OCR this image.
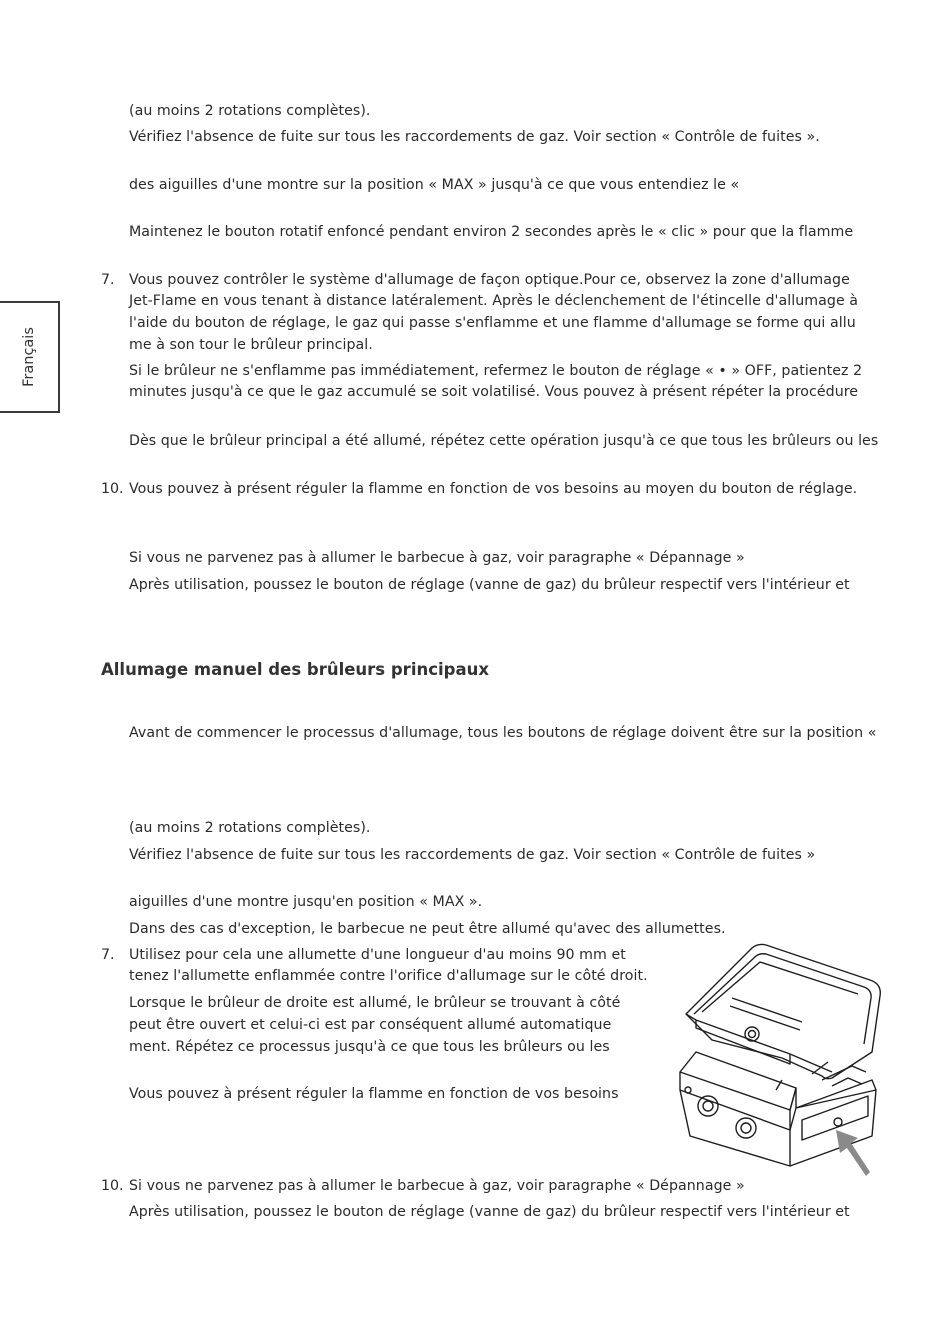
Français
(au moins 2 rotations complètes).
Vérifiez l'absence de fuite sur tous les raccordements de gaz. Voir section « Contrôle de fuites ».
des aiguilles d'une montre sur la position « MAX » jusqu'à ce que vous entendiez le «
Maintenez le bouton rotatif enfoncé pendant environ 2 secondes après le « clic » pour que la flamme
7. Vous pouvez contrôler le système d'allumage de façon optique.Pour ce, observez la zone d'allumage
Jet-Flame en vous tenant à distance latéralement. Après le déclenchement de l'étincelle d'allumage à
l'aide du bouton de réglage, le gaz qui passe s'enflamme et une flamme d'allumage se forme qui allu
me à son tour le brûleur principal.
Si le brûleur ne s'enflamme pas immédiatement, refermez le bouton de réglage « • » OFF, patientez 2
minutes jusqu'à ce que le gaz accumulé se soit volatilisé. Vous pouvez à présent répéter la procédure
Dès que le brûleur principal a été allumé, répétez cette opération jusqu'à ce que tous les brûleurs ou les
10. Vous pouvez à présent réguler la flamme en fonction de vos besoins au moyen du bouton de réglage.
Si vous ne parvenez pas à allumer le barbecue à gaz, voir paragraphe « Dépannage »
Après utilisation, poussez le bouton de réglage (vanne de gaz) du brûleur respectif vers l'intérieur et
Allumage manuel des brûleurs principaux
Avant de commencer le processus d'allumage, tous les boutons de réglage doivent être sur la position «
(au moins 2 rotations complètes).
Vérifiez l'absence de fuite sur tous les raccordements de gaz. Voir section « Contrôle de fuites »
aiguilles d'une montre jusqu'en position « MAX ».
Dans des cas d'exception, le barbecue ne peut être allumé qu'avec des allumettes.
7. Utilisez pour cela une allumette d'une longueur d'au moins 90 mm et
tenez l'allumette enflammée contre l'orifice d'allumage sur le côté droit.
Lorsque le brûleur de droite est allumé, le brûleur se trouvant à côté
peut être ouvert et celui-ci est par conséquent allumé automatique
ment. Répétez ce processus jusqu'à ce que tous les brûleurs ou les
Vous pouvez à présent réguler la flamme en fonction de vos besoins
10. Si vous ne parvenez pas à allumer le barbecue à gaz, voir paragraphe « Dépannage »
Après utilisation, poussez le bouton de réglage (vanne de gaz) du brûleur respectif vers l'intérieur et
